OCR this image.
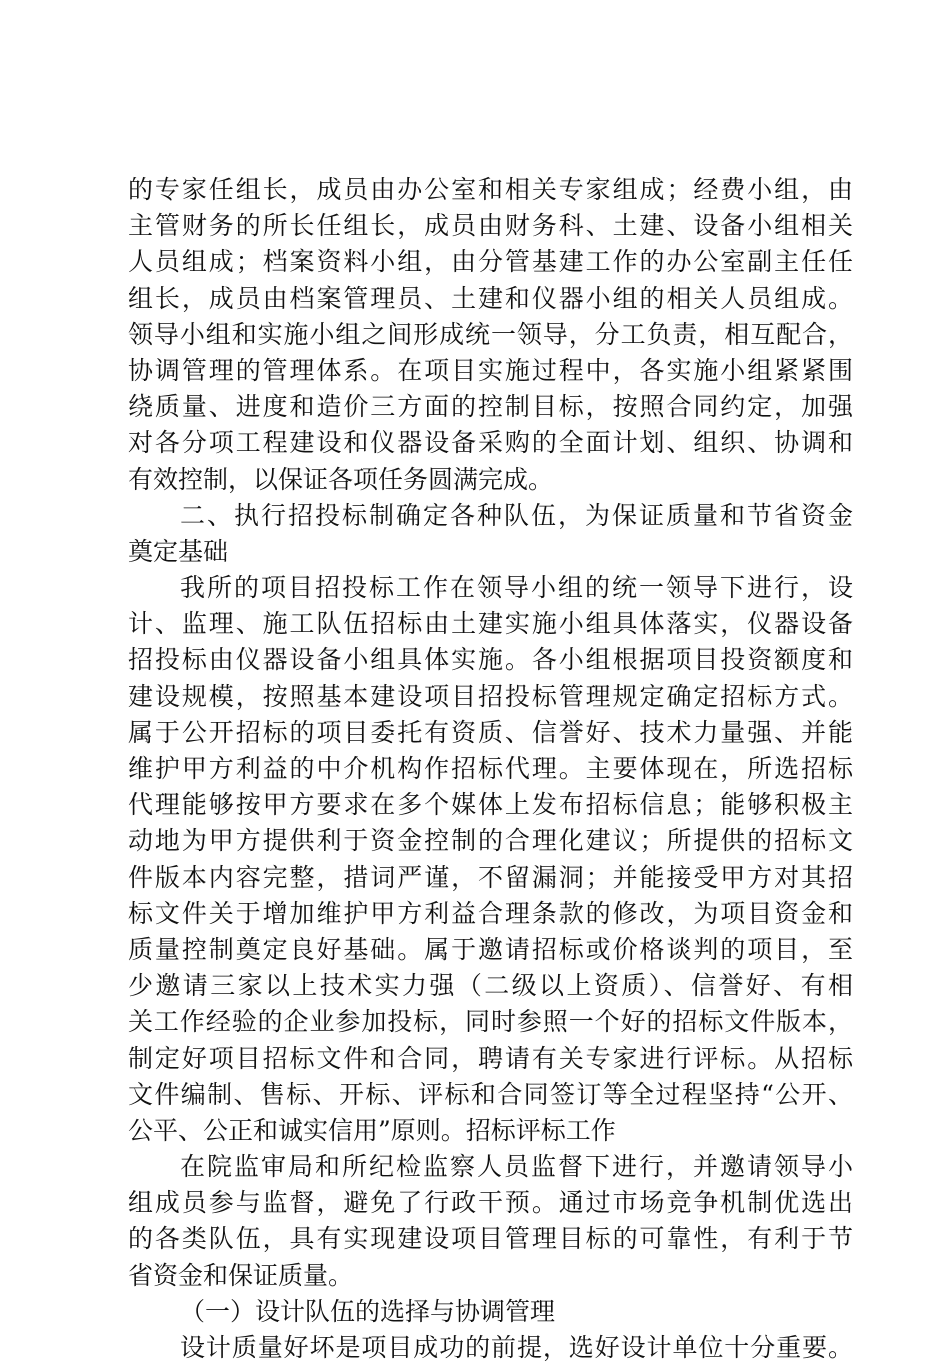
的专家任组长，成员由办公室和相关专家组成；经费小组，由
主管财务的所长任组长，成员由财务科、土建、设备小组相关
人员组成；档案资料小组，由分管基建工作的办公室副主任任
组长，成员由档案管理员、土建和仪器小组的相关人员组成。
领导小组和实施小组之间形成统一领导，分工负责，相互配合，
协调管理的管理体系。在项目实施过程中，各实施小组紧紧围
绕质量、进度和造价三方面的控制目标，按照合同约定，加强
对各分项工程建设和仪器设备采购的全面计划、组织、协调和
有效控制，以保证各项任务圆满完成。
二、执行招投标制确定各种队伍，为保证质量和节省资金
奠定基础
我所的项目招投标工作在领导小组的统一领导下进行，设
计、监理、施工队伍招标由土建实施小组具体落实，仪器设备
招投标由仪器设备小组具体实施。各小组根据项目投资额度和
建设规模，按照基本建设项目招投标管理规定确定招标方式。
属于公开招标的项目委托有资质、信誉好、技术力量强、并能
维护甲方利益的中介机构作招标代理。主要体现在，所选招标
代理能够按甲方要求在多个媒体上发布招标信息；能够积极主
动地为甲方提供利于资金控制的合理化建议；所提供的招标文
件版本内容完整，措词严谨，不留漏洞；并能接受甲方对其招
标文件关于增加维护甲方利益合理条款的修改，为项目资金和
质量控制奠定良好基础。属于邀请招标或价格谈判的项目，至
少邀请三家以上技术实力强（二级以上资质）、信誉好、有相
关工作经验的企业参加投标，同时参照一个好的招标文件版本，
制定好项目招标文件和合同，聘请有关专家进行评标。从招标
文件编制、售标、开标、评标和合同签订等全过程坚持“公开、
公平、公正和诚实信用”原则。招标评标工作
在院监审局和所纪检监察人员监督下进行，并邀请领导小
组成员参与监督，避免了行政干预。通过市场竞争机制优选出
的各类队伍，具有实现建设项目管理目标的可靠性，有利于节
省资金和保证质量。
（一）设计队伍的选择与协调管理
设计质量好坏是项目成功的前提，选好设计单位十分重要。
